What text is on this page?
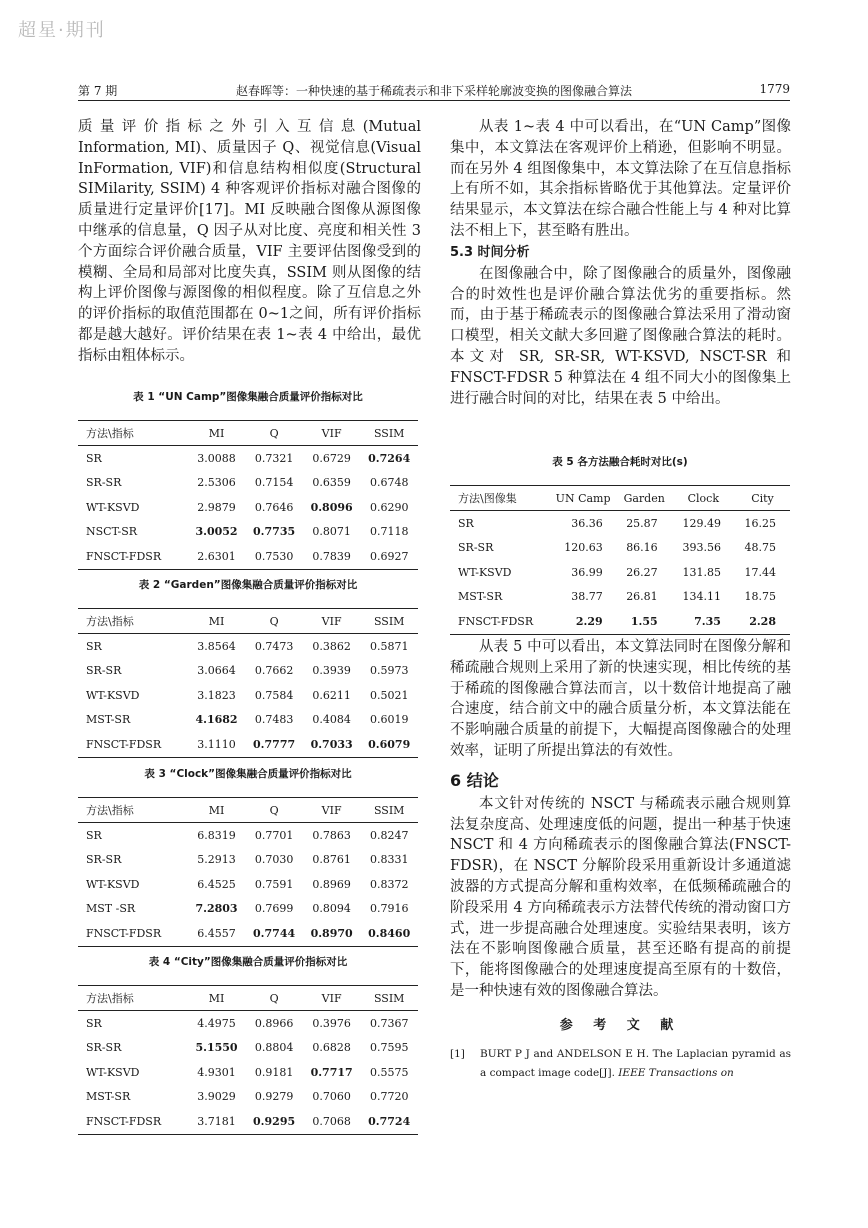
超星·期刊
第 7 期	赵春晖等：一种快速的基于稀疏表示和非下采样轮廓波变换的图像融合算法	1779

质量评价指标之外引入互信息(Mutual Information, MI)、质量因子 Q、视觉信息(Visual InFormation, VIF)和信息结构相似度(Structural SIMilarity, SSIM) 4 种客观评价指标对融合图像的质量进行定量评价[17]。MI 反映融合图像从源图像中继承的信息量，Q 因子从对比度、亮度和相关性 3 个方面综合评价融合质量，VIF 主要评估图像受到的模糊、全局和局部对比度失真，SSIM 则从图像的结构上评价图像与源图像的相似程度。除了互信息之外的评价指标的取值范围都在 0~1之间，所有评价指标都是越大越好。评价结果在表 1~表 4 中给出，最优指标由粗体标示。

表 1 “UN Camp”图像集融合质量评价指标对比

方法\指标	MI	Q	VIF	SSIM
SR	3.0088	0.7321	0.6729	0.7264
SR-SR	2.5306	0.7154	0.6359	0.6748
WT-KSVD	2.9879	0.7646	0.8096	0.6290
NSCT-SR	3.0052	0.7735	0.8071	0.7118
FNSCT-FDSR	2.6301	0.7530	0.7839	0.6927

表 2 “Garden”图像集融合质量评价指标对比

方法\指标	MI	Q	VIF	SSIM
SR	3.8564	0.7473	0.3862	0.5871
SR-SR	3.0664	0.7662	0.3939	0.5973
WT-KSVD	3.1823	0.7584	0.6211	0.5021
MST-SR	4.1682	0.7483	0.4084	0.6019
FNSCT-FDSR	3.1110	0.7777	0.7033	0.6079

表 3 “Clock”图像集融合质量评价指标对比

方法\指标	MI	Q	VIF	SSIM
SR	6.8319	0.7701	0.7863	0.8247
SR-SR	5.2913	0.7030	0.8761	0.8331
WT-KSVD	6.4525	0.7591	0.8969	0.8372
MST -SR	7.2803	0.7699	0.8094	0.7916
FNSCT-FDSR	6.4557	0.7744	0.8970	0.8460

表 4 “City”图像集融合质量评价指标对比

方法\指标	MI	Q	VIF	SSIM
SR	4.4975	0.8966	0.3976	0.7367
SR-SR	5.1550	0.8804	0.6828	0.7595
WT-KSVD	4.9301	0.9181	0.7717	0.5575
MST-SR	3.9029	0.9279	0.7060	0.7720
FNSCT-FDSR	3.7181	0.9295	0.7068	0.7724

从表 1~表 4 中可以看出，在“UN Camp”图像集中，本文算法在客观评价上稍逊，但影响不明显。而在另外 4 组图像集中，本文算法除了在互信息指标上有所不如，其余指标皆略优于其他算法。定量评价结果显示，本文算法在综合融合性能上与 4 种对比算法不相上下，甚至略有胜出。

5.3 时间分析

在图像融合中，除了图像融合的质量外，图像融合的时效性也是评价融合算法优劣的重要指标。然而，由于基于稀疏表示的图像融合算法采用了滑动窗口模型，相关文献大多回避了图像融合算法的耗时。本文对 SR, SR-SR, WT-KSVD, NSCT-SR 和 FNSCT-FDSR 5 种算法在 4 组不同大小的图像集上进行融合时间的对比，结果在表 5 中给出。

表 5 各方法融合耗时对比(s)

方法\图像集	UN Camp	Garden	Clock	City
SR	36.36	25.87	129.49	16.25
SR-SR	120.63	86.16	393.56	48.75
WT-KSVD	36.99	26.27	131.85	17.44
MST-SR	38.77	26.81	134.11	18.75
FNSCT-FDSR	2.29	1.55	7.35	2.28

从表 5 中可以看出，本文算法同时在图像分解和稀疏融合规则上采用了新的快速实现，相比传统的基于稀疏的图像融合算法而言，以十数倍计地提高了融合速度，结合前文中的融合质量分析，本文算法能在不影响融合质量的前提下，大幅提高图像融合的处理效率，证明了所提出算法的有效性。

6 结论

本文针对传统的 NSCT 与稀疏表示融合规则算法复杂度高、处理速度低的问题，提出一种基于快速 NSCT 和 4 方向稀疏表示的图像融合算法(FNSCT-FDSR)，在 NSCT 分解阶段采用重新设计多通道滤波器的方式提高分解和重构效率，在低频稀疏融合的阶段采用 4 方向稀疏表示方法替代传统的滑动窗口方式，进一步提高融合处理速度。实验结果表明，该方法在不影响图像融合质量，甚至还略有提高的前提下，能将图像融合的处理速度提高至原有的十数倍，是一种快速有效的图像融合算法。

参 考 文 献

[1]	BURT P J and ANDELSON E H. The Laplacian pyramid as a compact image code[J]. IEEE Transactions on
